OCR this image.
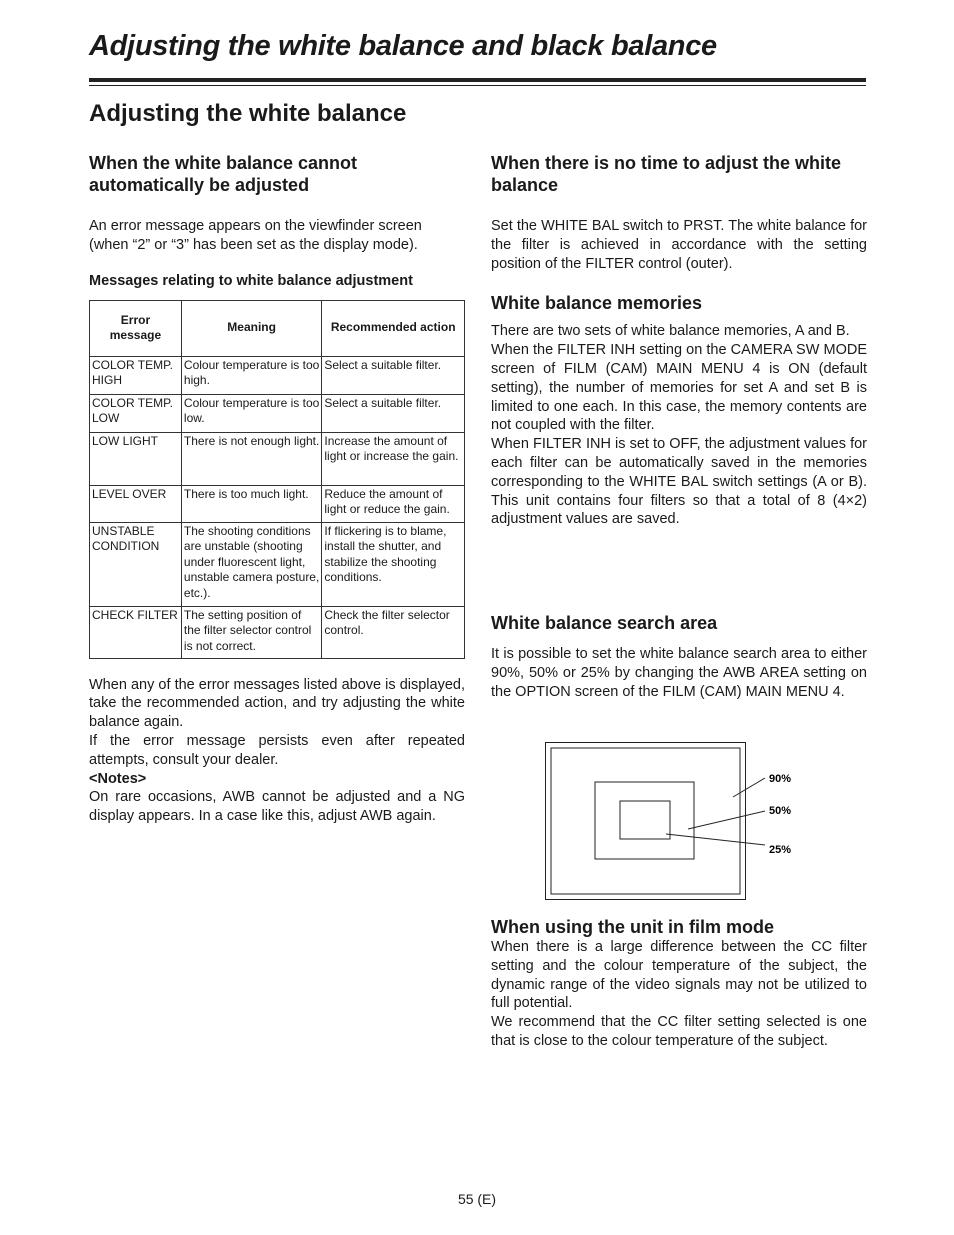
Adjusting the white balance and black balance
Adjusting the white balance
When the white balance cannot automatically be adjusted

An error message appears on the viewfinder screen (when “2” or “3” has been set as the display mode).

Messages relating to white balance adjustment
Error message	Meaning	Recommended action
COLOR TEMP. HIGH	Colour temperature is too high.	Select a suitable filter.
COLOR TEMP. LOW	Colour temperature is too low.	Select a suitable filter.
LOW LIGHT	There is not enough light.	Increase the amount of light or increase the gain.
LEVEL OVER	There is too much light.	Reduce the amount of light or reduce the gain.
UNSTABLE CONDITION	The shooting conditions are unstable (shooting under fluorescent light, unstable camera posture, etc.).	If flickering is to blame, install the shutter, and stabilize the shooting conditions.
CHECK FILTER	The setting position of the filter selector control is not correct.	Check the filter selector control.

When any of the error messages listed above is displayed, take the recommended action, and try adjusting the white balance again.

If the error message persists even after repeated attempts, consult your dealer.

<Notes>

On rare occasions, AWB cannot be adjusted and a NG display appears. In a case like this, adjust AWB again.

When there is no time to adjust the white balance

Set the WHITE BAL switch to PRST. The white balance for the filter is achieved in accordance with the setting position of the FILTER control (outer).

White balance memories

There are two sets of white balance memories, A and B.

When the FILTER INH setting on the CAMERA SW MODE screen of FILM (CAM) MAIN MENU 4 is ON (default setting), the number of memories for set A and set B is limited to one each. In this case, the memory contents are not coupled with the filter.

When FILTER INH is set to OFF, the adjustment values for each filter can be automatically saved in the memories corresponding to the WHITE BAL switch settings (A or B). This unit contains four filters so that a total of 8 (4×2) adjustment values are saved.

White balance search area

It is possible to set the white balance search area to either 90%, 50% or 25% by changing the AWB AREA setting on the OPTION screen of the FILM (CAM) MAIN MENU 4.

90%
50%
25%
When using the unit in film mode

When there is a large difference between the CC filter setting and the colour temperature of the subject, the dynamic range of the video signals may not be utilized to full potential.

We recommend that the CC filter setting selected is one that is close to the colour temperature of the subject.

55 (E)
